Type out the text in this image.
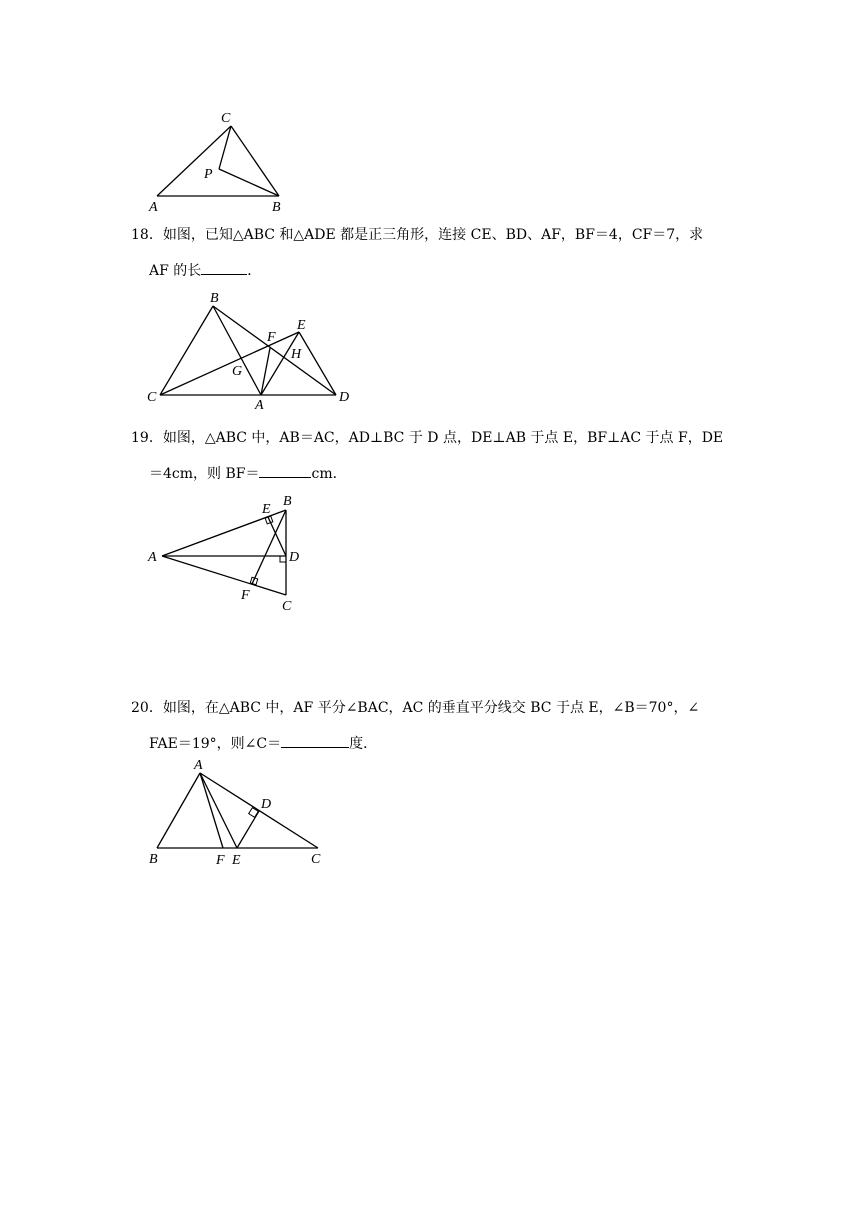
C
P
A	B
18．如图，已知△ABC 和△ADE 都是正三角形，连接 CE、BD、AF，BF＝4，CF＝7，求
AF 的长	．
B
F
E
H
G
C
A
D
19．如图，△ABC 中，AB＝AC，AD⊥BC 于 D 点，DE⊥AB 于点 E，BF⊥AC 于点 F，DE
＝4cm，则 BF＝	cm．
E
B
A	D
F
C
20．如图，在△ABC 中，AF 平分∠BAC，AC 的垂直平分线交 BC 于点 E，∠B＝70°，∠
FAE＝19°，则∠C＝	度．
A
D
B	F E	C
